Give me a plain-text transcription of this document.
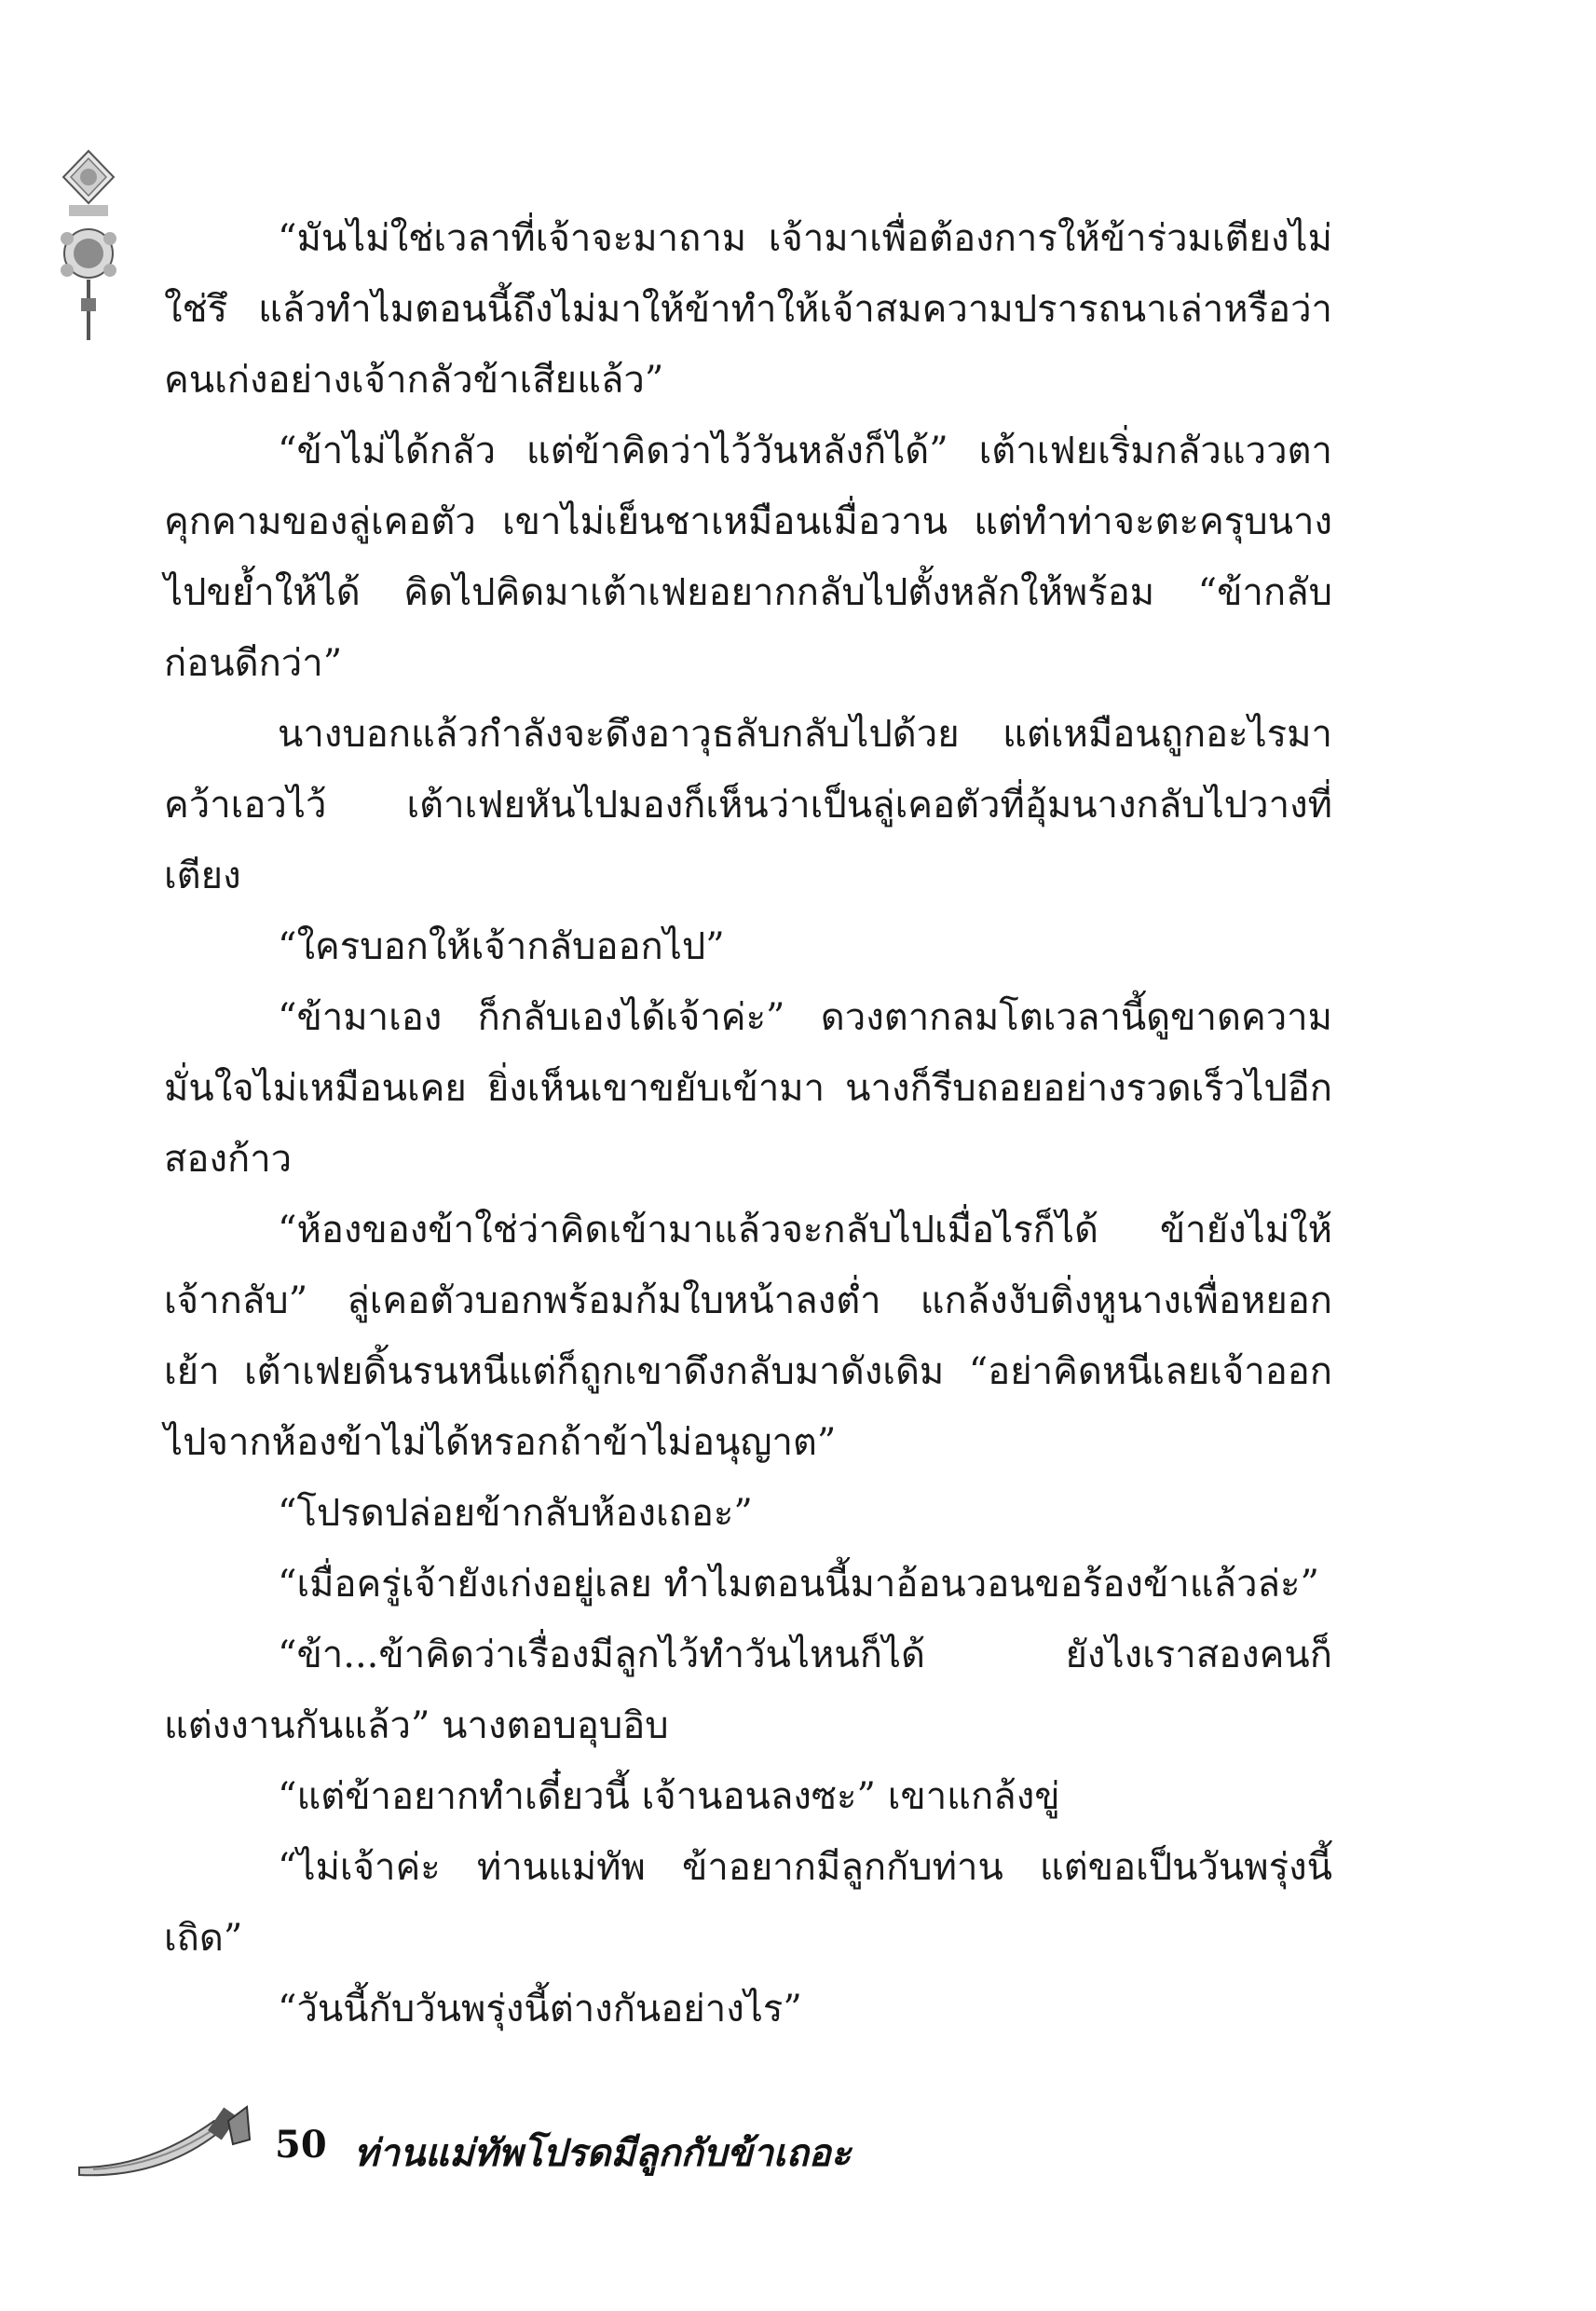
“มันไม่ใช่เวลาที่เจ้าจะมาถาม เจ้ามาเพื่อต้องการให้ข้าร่วมเตียงไม่ใช่รึ แล้วทำไมตอนนี้ถึงไม่มาให้ข้าทำให้เจ้าสมความปรารถนาเล่าหรือว่าคนเก่งอย่างเจ้ากลัวข้าเสียแล้ว”

“ข้าไม่ได้กลัว แต่ข้าคิดว่าไว้วันหลังก็ได้” เต้าเฟยเริ่มกลัวแววตาคุกคามของลู่เคอตัว เขาไม่เย็นชาเหมือนเมื่อวาน แต่ทำท่าจะตะครุบนางไปขย้ำให้ได้ คิดไปคิดมาเต้าเฟยอยากกลับไปตั้งหลักให้พร้อม “ข้ากลับก่อนดีกว่า”

นางบอกแล้วกำลังจะดึงอาวุธลับกลับไปด้วย แต่เหมือนถูกอะไรมาคว้าเอวไว้ เต้าเฟยหันไปมองก็เห็นว่าเป็นลู่เคอตัวที่อุ้มนางกลับไปวางที่เตียง

“ใครบอกให้เจ้ากลับออกไป”

“ข้ามาเอง ก็กลับเองได้เจ้าค่ะ” ดวงตากลมโตเวลานี้ดูขาดความมั่นใจไม่เหมือนเคย ยิ่งเห็นเขาขยับเข้ามา นางก็รีบถอยอย่างรวดเร็วไปอีกสองก้าว

“ห้องของข้าใช่ว่าคิดเข้ามาแล้วจะกลับไปเมื่อไรก็ได้ ข้ายังไม่ให้เจ้ากลับ” ลู่เคอตัวบอกพร้อมก้มใบหน้าลงต่ำ แกล้งงับติ่งหูนางเพื่อหยอกเย้า เต้าเฟยดิ้นรนหนีแต่ก็ถูกเขาดึงกลับมาดังเดิม “อย่าคิดหนีเลยเจ้าออกไปจากห้องข้าไม่ได้หรอกถ้าข้าไม่อนุญาต”

“โปรดปล่อยข้ากลับห้องเถอะ”

“เมื่อครู่เจ้ายังเก่งอยู่เลย ทำไมตอนนี้มาอ้อนวอนขอร้องข้าแล้วล่ะ”

“ข้า...ข้าคิดว่าเรื่องมีลูกไว้ทำวันไหนก็ได้ ยังไงเราสองคนก็แต่งงานกันแล้ว” นางตอบอุบอิบ

“แต่ข้าอยากทำเดี๋ยวนี้ เจ้านอนลงซะ” เขาแกล้งขู่

“ไม่เจ้าค่ะ ท่านแม่ทัพ ข้าอยากมีลูกกับท่าน แต่ขอเป็นวันพรุ่งนี้เถิด”

“วันนี้กับวันพรุ่งนี้ต่างกันอย่างไร”

50 ท่านแม่ทัพโปรดมีลูกกับข้าเถอะ
